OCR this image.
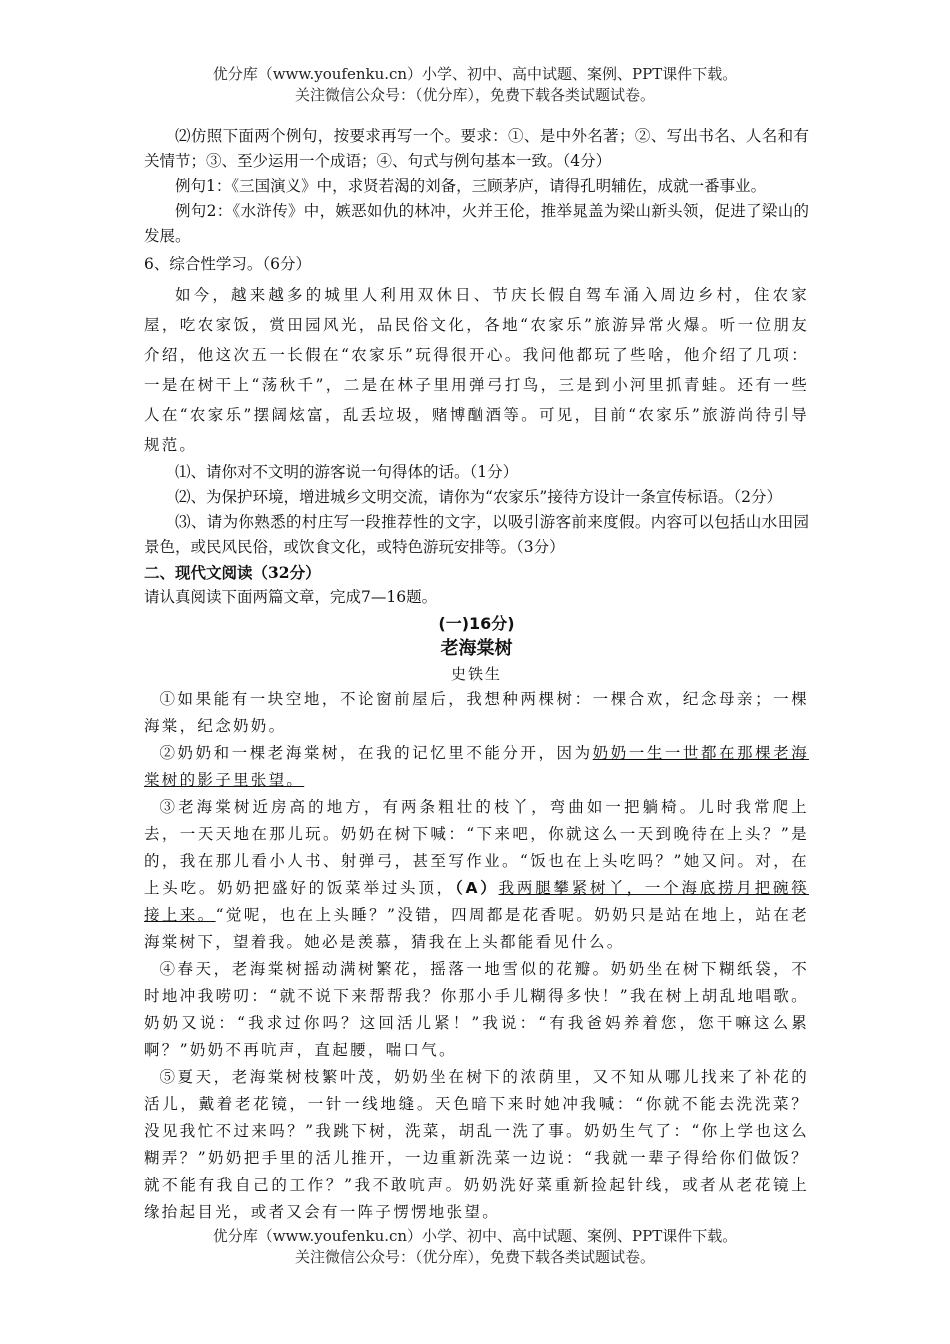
优分库（www.youfenku.cn）小学、初中、高中试题、案例、PPT课件下载。
关注微信公众号：（优分库），免费下载各类试题试卷。

⑵仿照下面两个例句，按要求再写一个。要求：①、是中外名著；②、写出书名、人名和有关情节；③、至少运用一个成语；④、句式与例句基本一致。（4分）

例句1：《三国演义》中，求贤若渴的刘备，三顾茅庐，请得孔明辅佐，成就一番事业。

例句2：《水浒传》中，嫉恶如仇的林冲，火并王伦，推举晁盖为梁山新头领，促进了梁山的发展。

6、综合性学习。（6分）

如今，越来越多的城里人利用双休日、节庆长假自驾车涌入周边乡村，住农家屋，吃农家饭，赏田园风光，品民俗文化，各地“农家乐”旅游异常火爆。听一位朋友介绍，他这次五一长假在“农家乐”玩得很开心。我问他都玩了些啥，他介绍了几项：一是在树干上“荡秋千”，二是在林子里用弹弓打鸟，三是到小河里抓青蛙。还有一些人在“农家乐”摆阔炫富，乱丢垃圾，赌博酗酒等。可见，目前“农家乐”旅游尚待引导规范。

⑴、请你对不文明的游客说一句得体的话。（1分）

⑵、为保护环境，增进城乡文明交流，请你为“农家乐”接待方设计一条宣传标语。（2分）

⑶、请为你熟悉的村庄写一段推荐性的文字，以吸引游客前来度假。内容可以包括山水田园景色，或民风民俗，或饮食文化，或特色游玩安排等。（3分）

二、现代文阅读（32分）

请认真阅读下面两篇文章，完成7—16题。

(一)16分)

老海棠树

史铁生

①如果能有一块空地，不论窗前屋后，我想种两棵树：一棵合欢，纪念母亲；一棵海棠，纪念奶奶。

②奶奶和一棵老海棠树，在我的记忆里不能分开，因为奶奶一生一世都在那棵老海棠树的影子里张望。

③老海棠树近房高的地方，有两条粗壮的枝丫，弯曲如一把躺椅。儿时我常爬上去，一天天地在那儿玩。奶奶在树下喊：“下来吧，你就这么一天到晚待在上头？”是的，我在那儿看小人书、射弹弓，甚至写作业。“饭也在上头吃吗？”她又问。对，在上头吃。奶奶把盛好的饭菜举过头顶，（A）我两腿攀紧树丫，一个海底捞月把碗筷接上来。“觉呢，也在上头睡？”没错，四周都是花香呢。奶奶只是站在地上，站在老海棠树下，望着我。她必是羡慕，猜我在上头都能看见什么。

④春天，老海棠树摇动满树繁花，摇落一地雪似的花瓣。奶奶坐在树下糊纸袋，不时地冲我唠叨：“就不说下来帮帮我？你那小手儿糊得多快！”我在树上胡乱地唱歌。奶奶又说：“我求过你吗？这回活儿紧！”我说：“有我爸妈养着您，您干嘛这么累啊？”奶奶不再吭声，直起腰，喘口气。

⑤夏天，老海棠树枝繁叶茂，奶奶坐在树下的浓荫里，又不知从哪儿找来了补花的活儿，戴着老花镜，一针一线地缝。天色暗下来时她冲我喊：“你就不能去洗洗菜？没见我忙不过来吗？”我跳下树，洗菜，胡乱一洗了事。奶奶生气了：“你上学也这么糊弄？”奶奶把手里的活儿推开，一边重新洗菜一边说：“我就一辈子得给你们做饭？就不能有我自己的工作？”我不敢吭声。奶奶洗好菜重新捡起针线，或者从老花镜上缘抬起目光，或者又会有一阵子愣愣地张望。

优分库（www.youfenku.cn）小学、初中、高中试题、案例、PPT课件下载。
关注微信公众号：（优分库），免费下载各类试题试卷。
